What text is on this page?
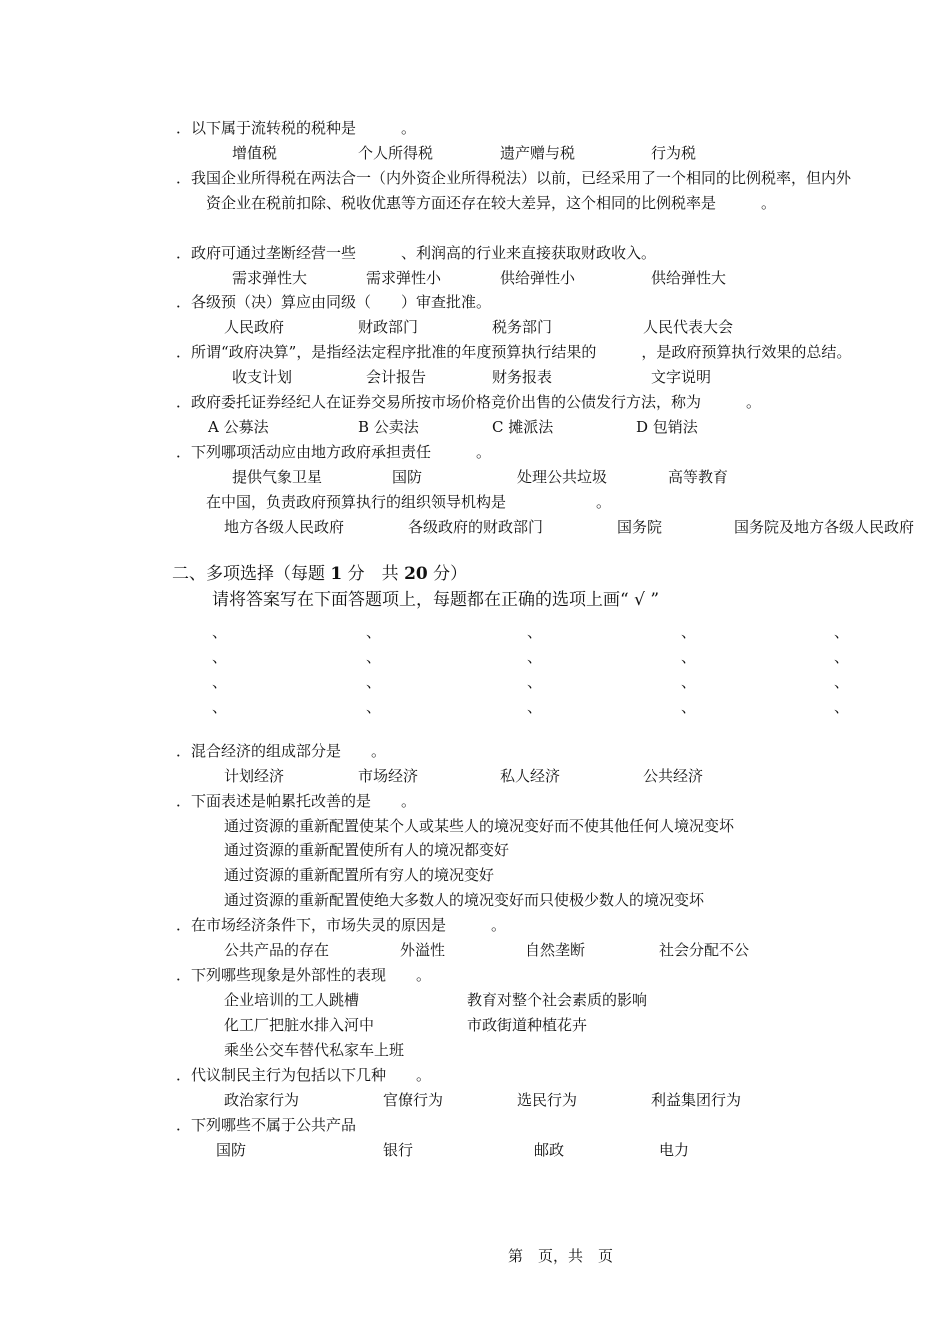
．以下属于流转税的税种是　　　。
增值税	个人所得税	遗产赠与税	行为税
．我国企业所得税在两法合一（内外资企业所得税法）以前，已经采用了一个相同的比例税率，但内外
资企业在税前扣除、税收优惠等方面还存在较大差异，这个相同的比例税率是　　　。
．政府可通过垄断经营一些　　　、利润高的行业来直接获取财政收入。
需求弹性大	需求弹性小	供给弹性小	供给弹性大
．各级预（决）算应由同级（　　）审查批准。
人民政府	财政部门	税务部门	人民代表大会
．所谓“政府决算”，是指经法定程序批准的年度预算执行结果的　　　，是政府预算执行效果的总结。
收支计划	会计报告	财务报表	文字说明
．政府委托证券经纪人在证券交易所按市场价格竞价出售的公债发行方法，称为　　　。
A 公募法	B 公卖法	C 摊派法	D 包销法
．下列哪项活动应由地方政府承担责任　　　。
提供气象卫星	国防	处理公共垃圾	高等教育
在中国，负责政府预算执行的组织领导机构是　　　　　　。
地方各级人民政府	各级政府的财政部门	国务院	国务院及地方各级人民政府
二、多项选择（每题 1 分　共 20 分）
请将答案写在下面答题项上，每题都在正确的选项上画“ √ ”
、	、	、	、	、
、	、	、	、	、
、	、	、	、	、
、	、	、	、	、
．混合经济的组成部分是　　。
计划经济	市场经济	私人经济	公共经济
．下面表述是帕累托改善的是　　。
通过资源的重新配置使某个人或某些人的境况变好而不使其他任何人境况变坏
通过资源的重新配置使所有人的境况都变好
通过资源的重新配置所有穷人的境况变好
通过资源的重新配置使绝大多数人的境况变好而只使极少数人的境况变坏
．在市场经济条件下，市场失灵的原因是　　　。
公共产品的存在	外溢性	自然垄断	社会分配不公
．下列哪些现象是外部性的表现　　。
企业培训的工人跳槽	教育对整个社会素质的影响
化工厂把脏水排入河中	市政街道种植花卉
乘坐公交车替代私家车上班
．代议制民主行为包括以下几种　　。
政治家行为	官僚行为	选民行为	利益集团行为
．下列哪些不属于公共产品
国防	银行	邮政	电力
第　页，共　页
